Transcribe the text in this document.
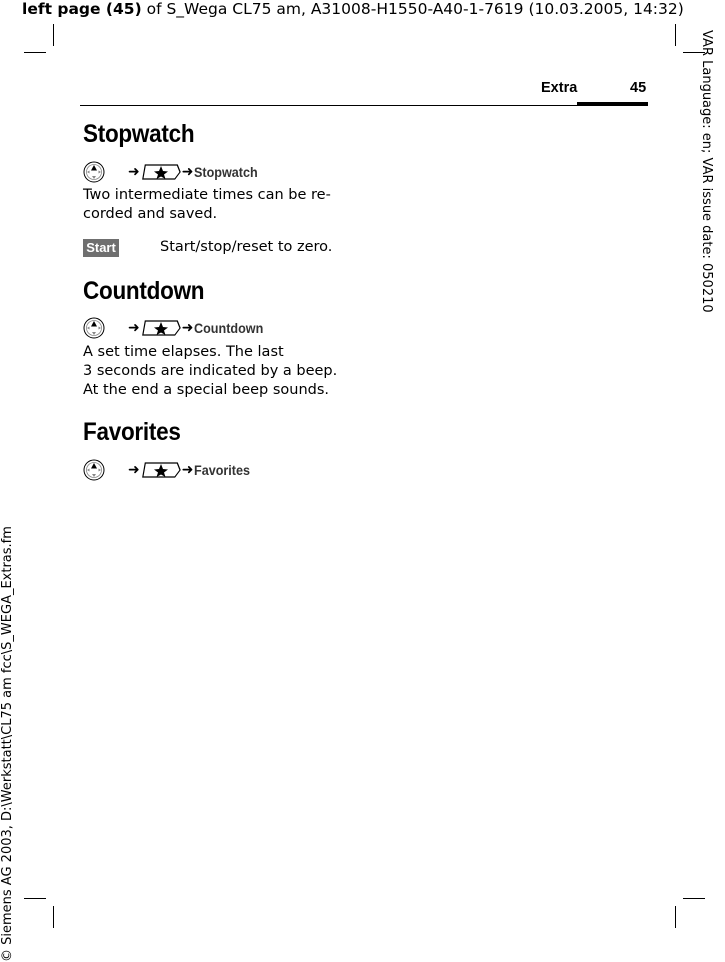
left page (45) of S_Wega CL75 am, A31008-H1550-A40-1-7619 (10.03.2005, 14:32)
VAR Language: en; VAR issue date: 050210
© Siemens AG 2003, D:\Werkstatt\CL75 am fcc\S_WEGA_Extras.fm
Extra	45
Stopwatch
➜	➜ Stopwatch
Two intermediate times can be re-
corded and saved.
Start	Start/stop/reset to zero.
Countdown
➜	➜ Countdown
A set time elapses. The last
3 seconds are indicated by a beep.
At the end a special beep sounds.
Favorites
➜	➜ Favorites
